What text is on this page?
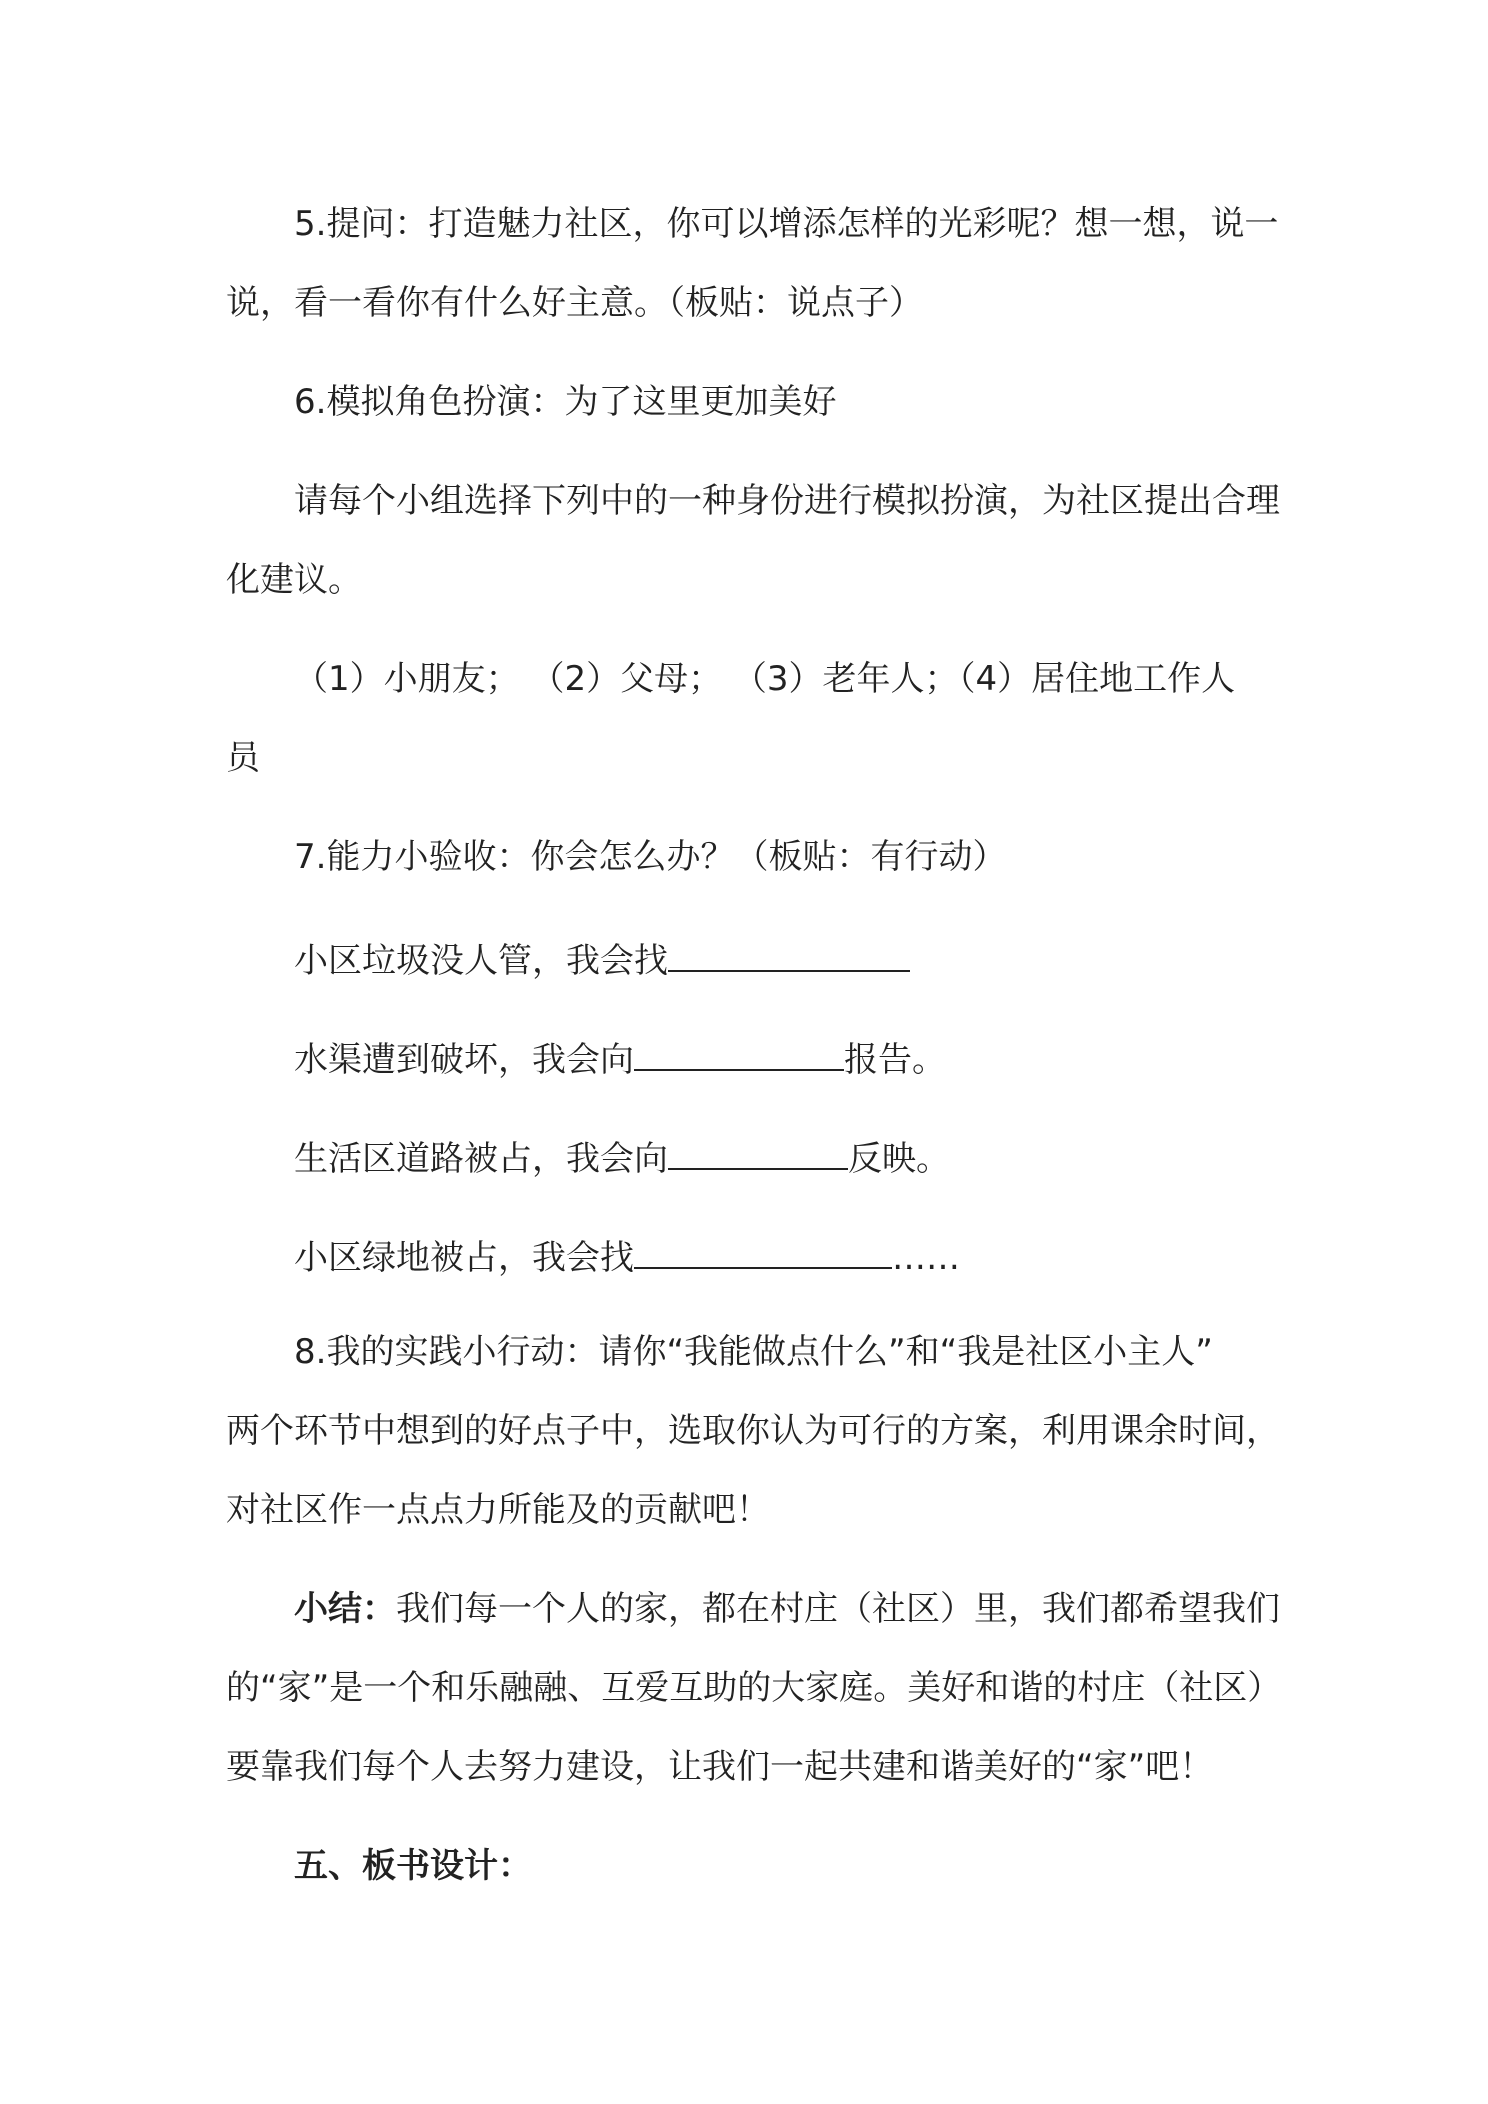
5.提问：打造魅力社区，你可以增添怎样的光彩呢？想一想，说一
说，看一看你有什么好主意。（板贴：说点子）
6.模拟角色扮演：为了这里更加美好
请每个小组选择下列中的一种身份进行模拟扮演，为社区提出合理
化建议。
（1）小朋友； （2）父母； （3）老年人；（4）居住地工作人
员
7.能力小验收：你会怎么办？（板贴：有行动）
小区垃圾没人管，我会找
水渠遭到破坏，我会向	报告。
生活区道路被占，我会向	反映。
小区绿地被占，我会找	……
8.我的实践小行动：请你“我能做点什么”和“我是社区小主人”
两个环节中想到的好点子中，选取你认为可行的方案，利用课余时间，
对社区作一点点力所能及的贡献吧！
小结：我们每一个人的家，都在村庄（社区）里，我们都希望我们
的“家”是一个和乐融融、互爱互助的大家庭。美好和谐的村庄（社区）
要靠我们每个人去努力建设，让我们一起共建和谐美好的“家”吧！
五、板书设计：
